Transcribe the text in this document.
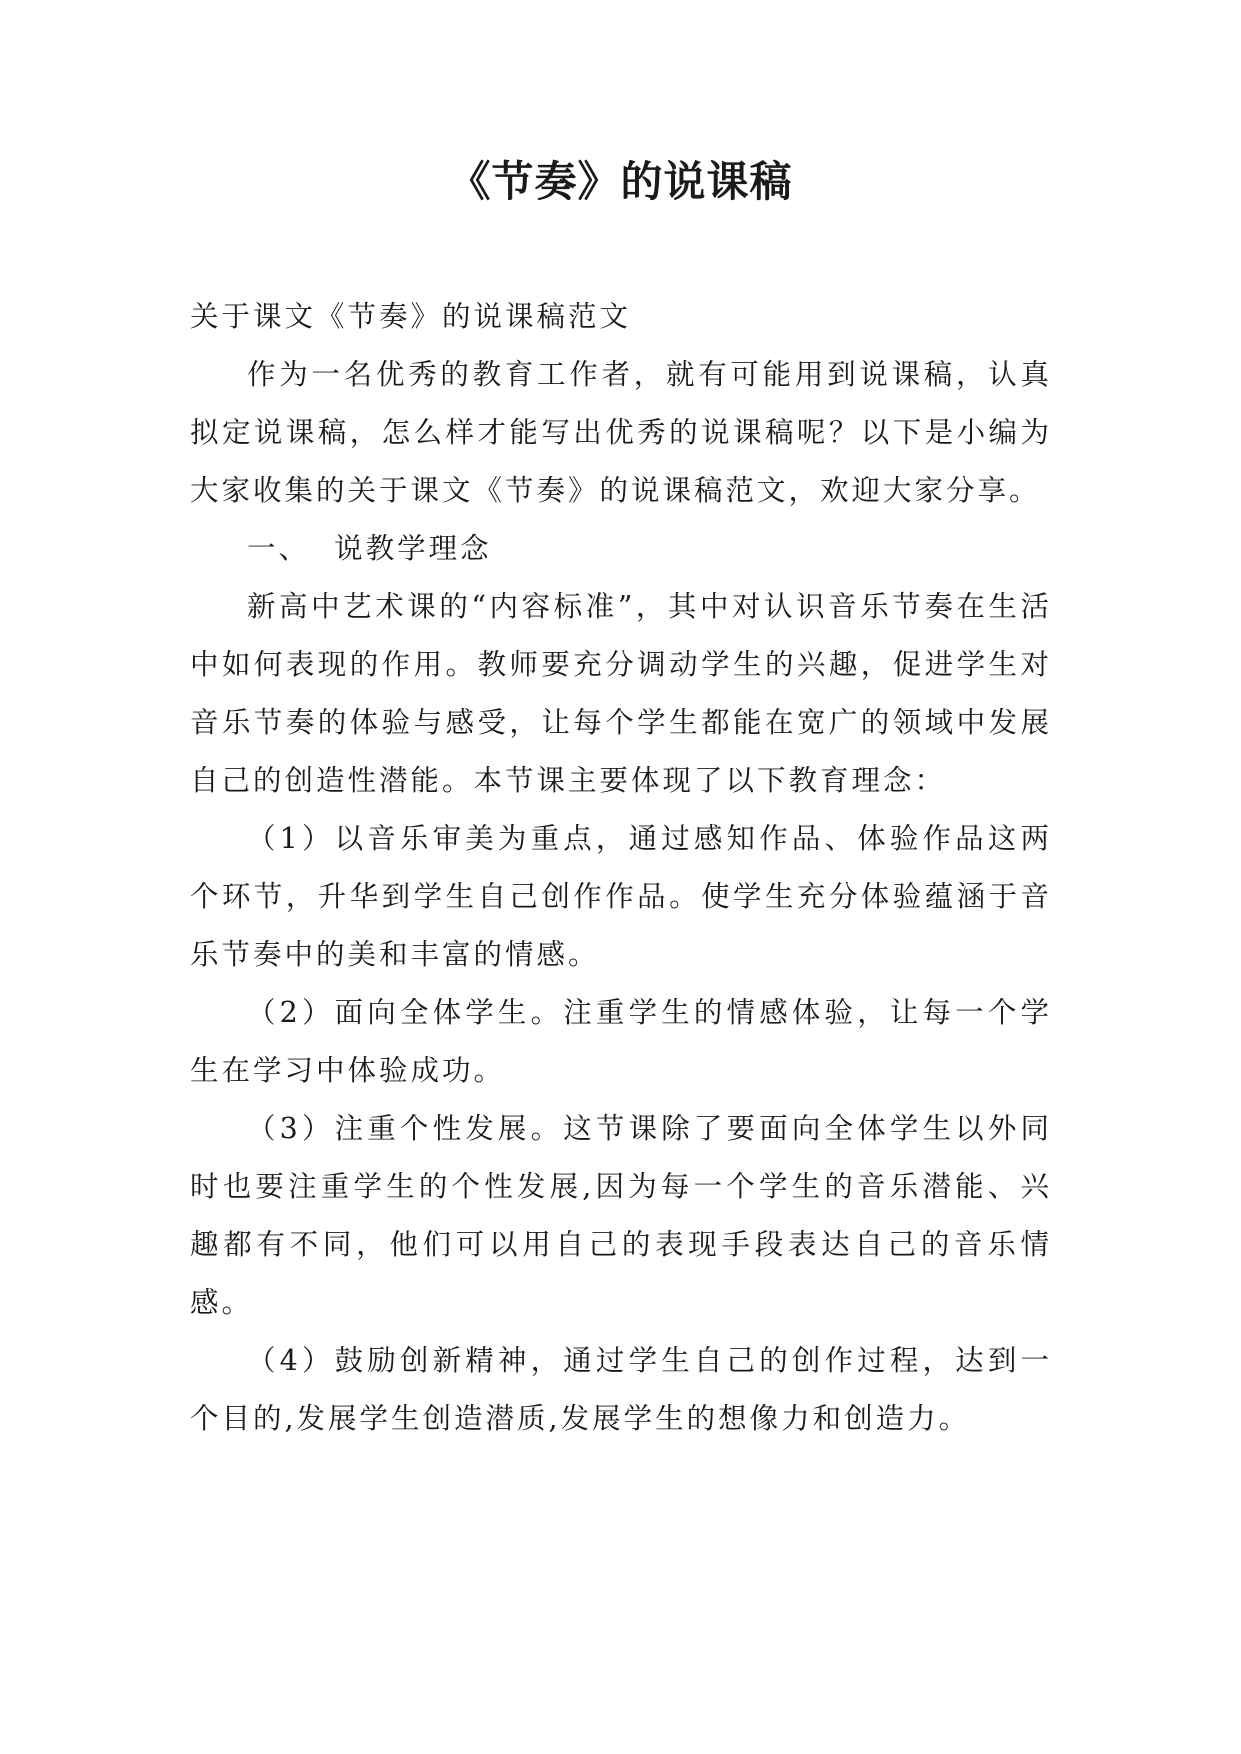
《节奏》的说课稿

关于课文《节奏》的说课稿范文

作为一名优秀的教育工作者，就有可能用到说课稿，认真拟定说课稿，怎么样才能写出优秀的说课稿呢？以下是小编为大家收集的关于课文《节奏》的说课稿范文，欢迎大家分享。

一、  说教学理念

新高中艺术课的“内容标准”，其中对认识音乐节奏在生活中如何表现的作用。教师要充分调动学生的兴趣，促进学生对音乐节奏的体验与感受，让每个学生都能在宽广的领域中发展自己的创造性潜能。本节课主要体现了以下教育理念：

（1）以音乐审美为重点，通过感知作品、体验作品这两个环节，升华到学生自己创作作品。使学生充分体验蕴涵于音乐节奏中的美和丰富的情感。

（2）面向全体学生。注重学生的情感体验，让每一个学生在学习中体验成功。

（3）注重个性发展。这节课除了要面向全体学生以外同时也要注重学生的个性发展,因为每一个学生的音乐潜能、兴趣都有不同，他们可以用自己的表现手段表达自己的音乐情感。

（4）鼓励创新精神，通过学生自己的创作过程，达到一个目的,发展学生创造潜质,发展学生的想像力和创造力。
